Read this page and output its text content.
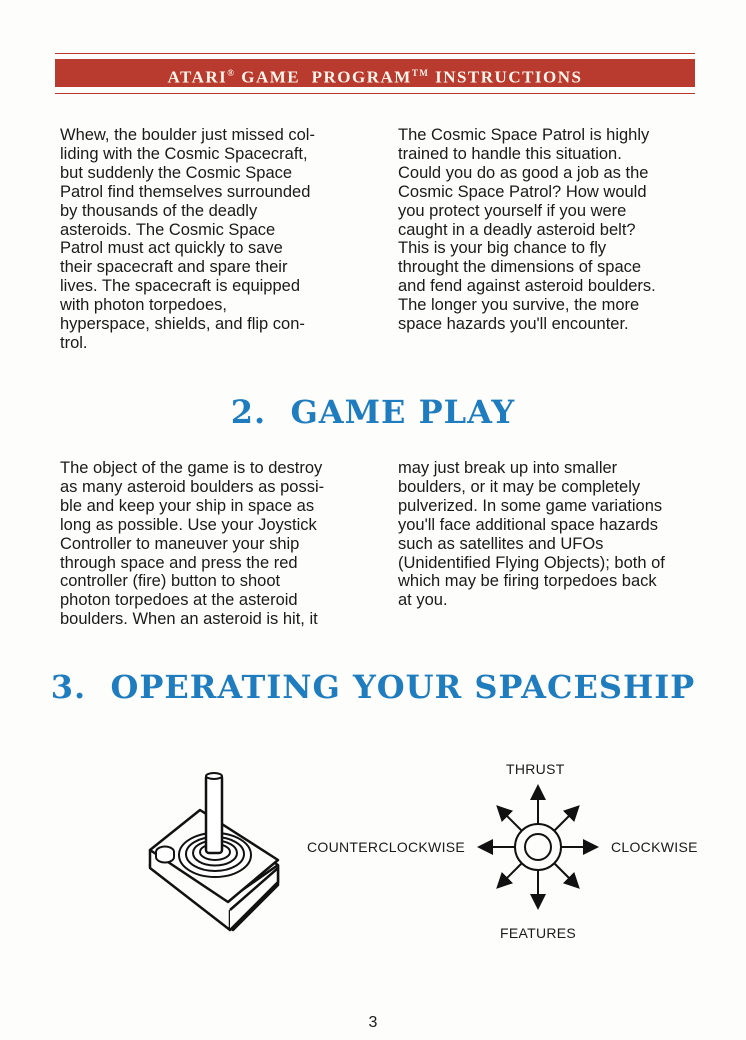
ATARI® GAME  PROGRAM™ INSTRUCTIONS

Whew, the boulder just missed col-
liding with the Cosmic Spacecraft,
but suddenly the Cosmic Space
Patrol find themselves surrounded
by thousands of the deadly
asteroids. The Cosmic Space
Patrol must act quickly to save
their spacecraft and spare their
lives. The spacecraft is equipped
with photon torpedoes,
hyperspace, shields, and flip con-
trol.

The Cosmic Space Patrol is highly
trained to handle this situation.
Could you do as good a job as the
Cosmic Space Patrol? How would
you protect yourself if you were
caught in a deadly asteroid belt?
This is your big chance to fly
throught the dimensions of space
and fend against asteroid boulders.
The longer you survive, the more
space hazards you'll encounter.

2.  GAME PLAY

The object of the game is to destroy
as many asteroid boulders as possi-
ble and keep your ship in space as
long as possible. Use your Joystick
Controller to maneuver your ship
through space and press the red
controller (fire) button to shoot
photon torpedoes at the asteroid
boulders. When an asteroid is hit, it

may just break up into smaller
boulders, or it may be completely
pulverized. In some game variations
you'll face additional space hazards
such as satellites and UFOs
(Unidentified Flying Objects); both of
which may be firing torpedoes back
at you.

3.  OPERATING YOUR SPACESHIP
THRUST
COUNTERCLOCKWISE	CLOCKWISE
FEATURES
3
